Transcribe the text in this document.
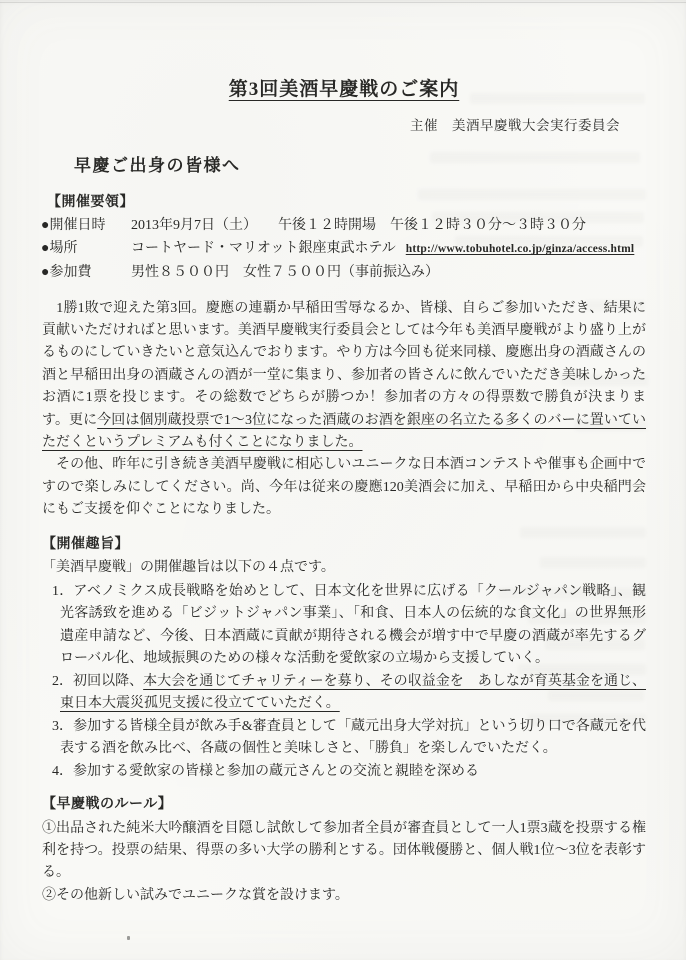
第3回美酒早慶戦のご案内
主催　美酒早慶戦大会実行委員会
早慶ご出身の皆様へ
【開催要領】
●開催日時	2013年9月7日（土）　　午後１２時開場　午後１２時３０分～３時３０分
●場所	コートヤード・マリオット銀座東武ホテル http://www.tobuhotel.co.jp/ginza/access.html
●参加費	男性８５００円　女性７５００円（事前振込み）

　1勝1敗で迎えた第3回。慶應の連覇か早稲田雪辱なるか、皆様、自らご参加いただき、結果に貢献いただければと思います。美酒早慶戦実行委員会としては今年も美酒早慶戦がより盛り上がるものにしていきたいと意気込んでおります。やり方は今回も従来同様、慶應出身の酒蔵さんの酒と早稲田出身の酒蔵さんの酒が一堂に集まり、参加者の皆さんに飲んでいただき美味しかったお酒に1票を投じます。その総数でどちらが勝つか！参加者の方々の得票数で勝負が決まります。更に今回は個別蔵投票で1～3位になった酒蔵のお酒を銀座の名立たる多くのバーに置いていただくというプレミアムも付くことになりました。

　その他、昨年に引き続き美酒早慶戦に相応しいユニークな日本酒コンテストや催事も企画中ですので楽しみにしてください。尚、今年は従来の慶應120美酒会に加え、早稲田から中央稲門会にもご支援を仰ぐことになりました。

【開催趣旨】

「美酒早慶戦」の開催趣旨は以下の４点です。

1．アベノミクス成長戦略を始めとして、日本文化を世界に広げる「クールジャパン戦略」、観光客誘致を進める「ビジットジャパン事業」、「和食、日本人の伝統的な食文化」の世界無形遺産申請など、今後、日本酒蔵に貢献が期待される機会が増す中で早慶の酒蔵が率先するグローバル化、地域振興のための様々な活動を愛飲家の立場から支援していく。
2．初回以降、本大会を通じてチャリティーを募り、その収益金を　あしなが育英基金を通じ、東日本大震災孤児支援に役立てていただく。
3．参加する皆様全員が飲み手&審査員として「蔵元出身大学対抗」という切り口で各蔵元を代表する酒を飲み比べ、各蔵の個性と美味しさと、「勝負」を楽しんでいただく。
4．参加する愛飲家の皆様と参加の蔵元さんとの交流と親睦を深める
【早慶戦のルール】

①出品された純米大吟醸酒を目隠し試飲して参加者全員が審査員として一人1票3蔵を投票する権利を持つ。投票の結果、得票の多い大学の勝利とする。団体戦優勝と、個人戦1位～3位を表彰する。

②その他新しい試みでユニークな賞を設けます。
